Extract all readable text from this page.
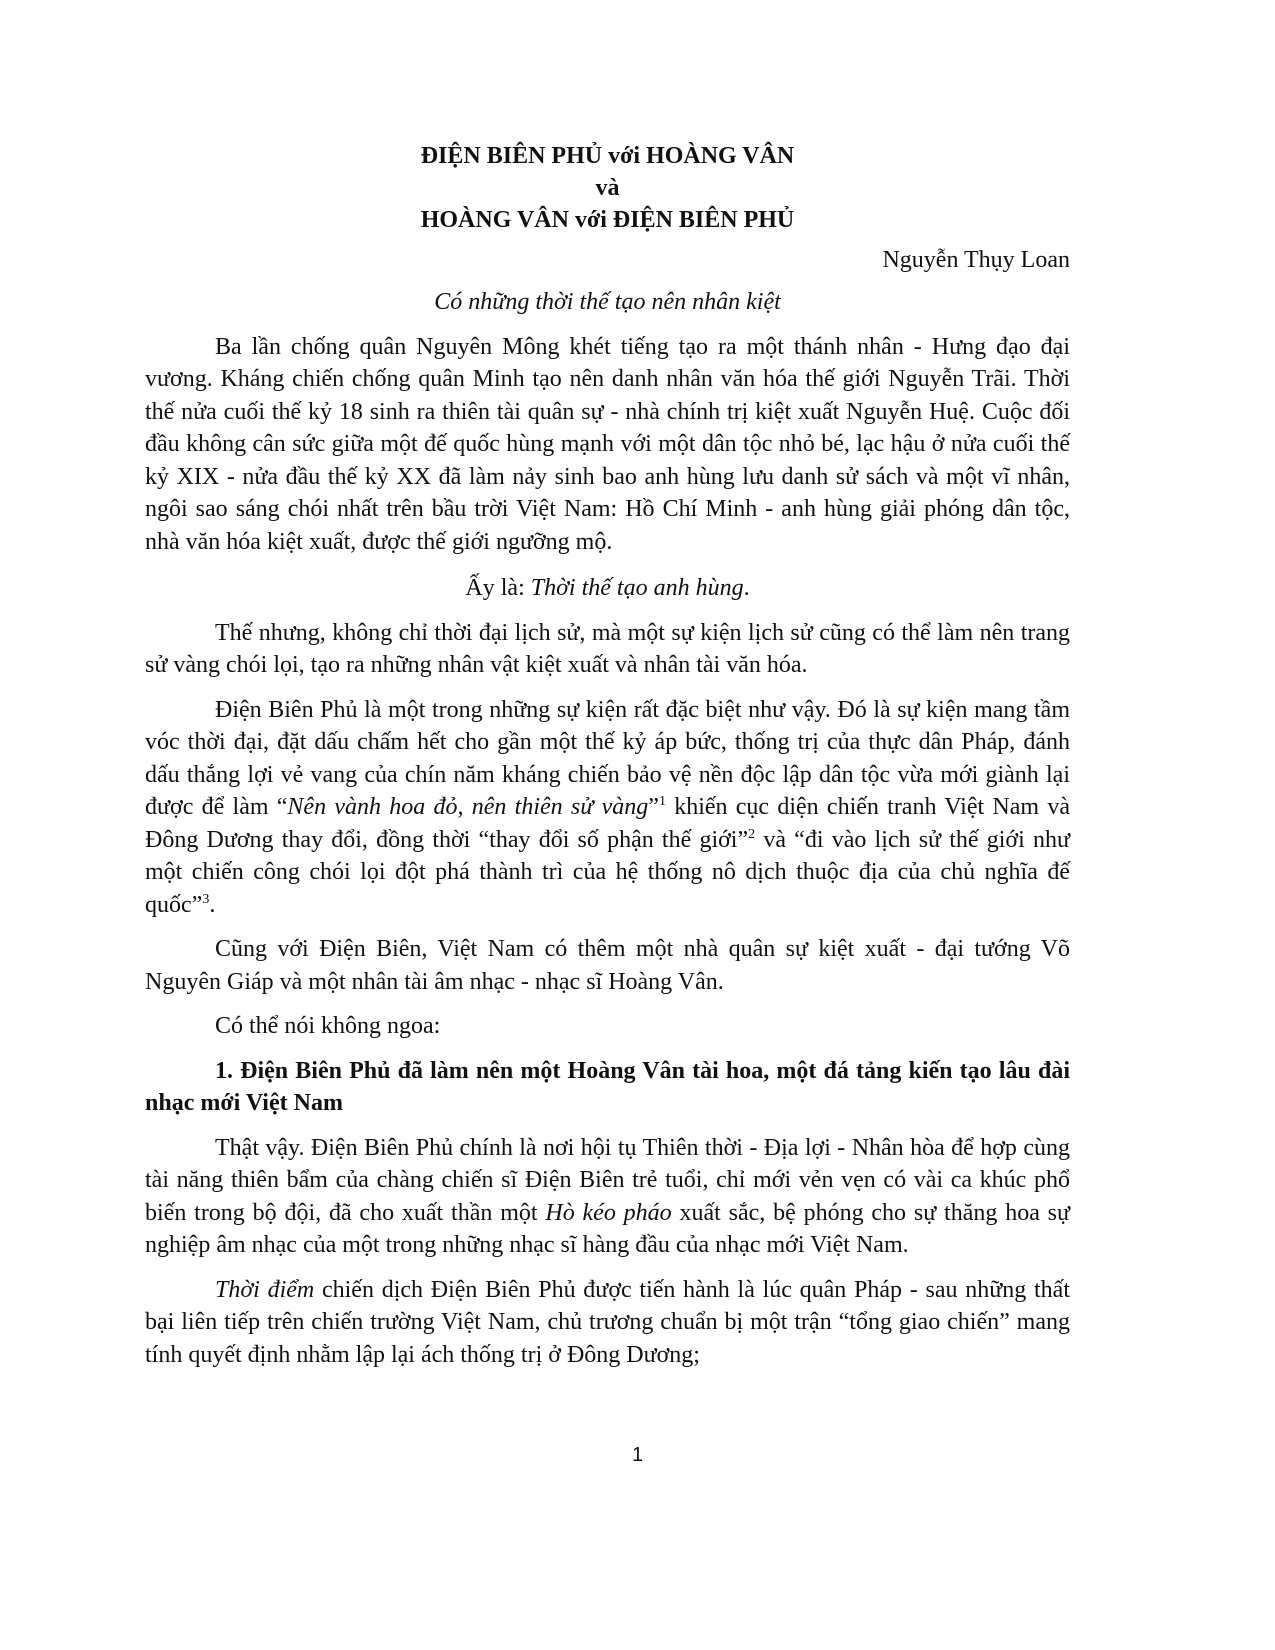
ĐIỆN BIÊN PHỦ với HOÀNG VÂN

và

HOÀNG VÂN với ĐIỆN BIÊN PHỦ

Nguyễn Thụy Loan

Có những thời thế tạo nên nhân kiệt

Ba lần chống quân Nguyên Mông khét tiếng tạo ra một thánh nhân - Hưng đạo đại vương. Kháng chiến chống quân Minh tạo nên danh nhân văn hóa thế giới Nguyễn Trãi. Thời thế nửa cuối thế kỷ 18 sinh ra thiên tài quân sự - nhà chính trị kiệt xuất Nguyễn Huệ. Cuộc đối đầu không cân sức giữa một đế quốc hùng mạnh với một dân tộc nhỏ bé, lạc hậu ở nửa cuối thế kỷ XIX - nửa đầu thế kỷ XX đã làm nảy sinh bao anh hùng lưu danh sử sách và một vĩ nhân, ngôi sao sáng chói nhất trên bầu trời Việt Nam: Hồ Chí Minh - anh hùng giải phóng dân tộc, nhà văn hóa kiệt xuất, được thế giới ngưỡng mộ.

Ấy là: Thời thế tạo anh hùng.

Thế nhưng, không chỉ thời đại lịch sử, mà một sự kiện lịch sử cũng có thể làm nên trang sử vàng chói lọi, tạo ra những nhân vật kiệt xuất và nhân tài văn hóa.

Điện Biên Phủ là một trong những sự kiện rất đặc biệt như vậy. Đó là sự kiện mang tầm vóc thời đại, đặt dấu chấm hết cho gần một thế kỷ áp bức, thống trị của thực dân Pháp, đánh dấu thắng lợi vẻ vang của chín năm kháng chiến bảo vệ nền độc lập dân tộc vừa mới giành lại được để làm “Nên vành hoa đỏ, nên thiên sử vàng”$^1$ khiến cục diện chiến tranh Việt Nam và Đông Dương thay đổi, đồng thời “thay đổi số phận thế giới”$^2$ và “đi vào lịch sử thế giới như một chiến công chói lọi đột phá thành trì của hệ thống nô dịch thuộc địa của chủ nghĩa đế quốc”$^3$.

Cũng với Điện Biên, Việt Nam có thêm một nhà quân sự kiệt xuất - đại tướng Võ Nguyên Giáp và một nhân tài âm nhạc - nhạc sĩ Hoàng Vân.

Có thể nói không ngoa:

1. Điện Biên Phủ đã làm nên một Hoàng Vân tài hoa, một đá tảng kiến tạo lâu đài nhạc mới Việt Nam

Thật vậy. Điện Biên Phủ chính là nơi hội tụ Thiên thời - Địa lợi - Nhân hòa để hợp cùng tài năng thiên bẩm của chàng chiến sĩ Điện Biên trẻ tuổi, chỉ mới vẻn vẹn có vài ca khúc phổ biến trong bộ đội, đã cho xuất thần một Hò kéo pháo xuất sắc, bệ phóng cho sự thăng hoa sự nghiệp âm nhạc của một trong những nhạc sĩ hàng đầu của nhạc mới Việt Nam.

Thời điểm chiến dịch Điện Biên Phủ được tiến hành là lúc quân Pháp - sau những thất bại liên tiếp trên chiến trường Việt Nam, chủ trương chuẩn bị một trận “tổng giao chiến” mang tính quyết định nhằm lập lại ách thống trị ở Đông Dương;

1
